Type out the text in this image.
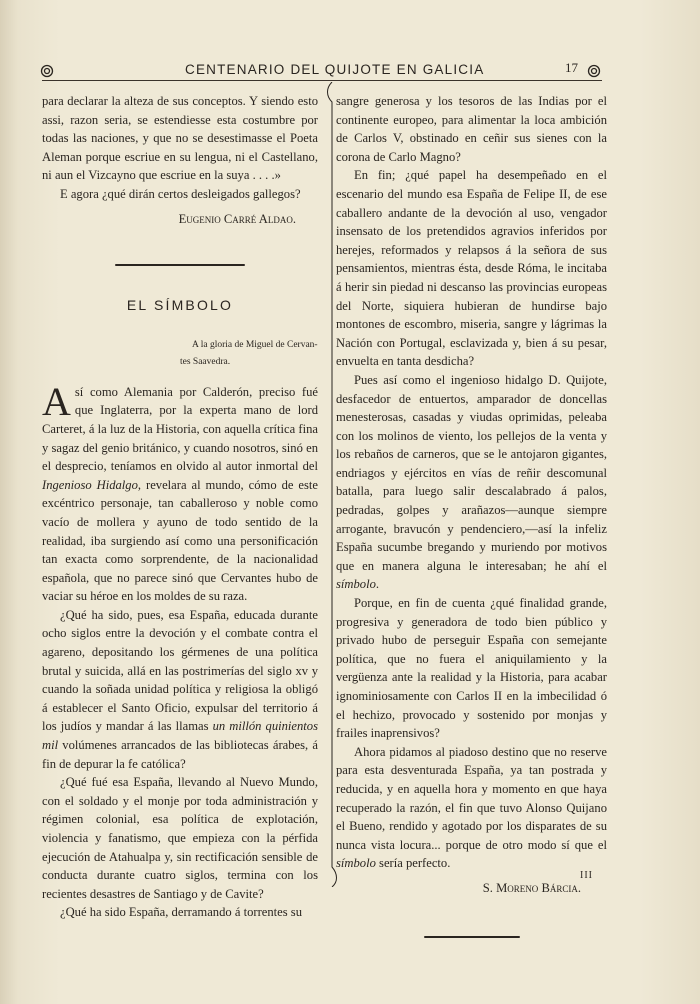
CENTENARIO DEL QUIJOTE EN GALICIA	17

para declarar la alteza de sus conceptos. Y siendo esto assi, razon seria, se estendiesse esta costumbre por todas las naciones, y que no se desestimasse el Poeta Aleman porque escriue en su lengua, ni el Castellano, ni aun el Vizcayno que escriue en la suya . . . .»

E agora ¿qué dirán certos desleigados gallegos?

Eugenio Carré Aldao.

EL SÍMBOLO

A la gloria de Miguel de Cervan-
tes Saavedra.

Así como Alemania por Calderón, preciso fué que Inglaterra, por la experta mano de lord Carteret, á la luz de la Historia, con aquella crítica fina y sagaz del genio británico, y cuando nosotros, sinó en el desprecio, teníamos en olvido al autor inmortal del Ingenioso Hidalgo, revelara al mundo, cómo de este excéntrico personaje, tan caballeroso y noble como vacío de mollera y ayuno de todo sentido de la realidad, iba surgiendo así como una personificación tan exacta como sorprendente, de la nacionalidad española, que no parece sinó que Cervantes hubo de vaciar su héroe en los moldes de su raza.

¿Qué ha sido, pues, esa España, educada durante ocho siglos entre la devoción y el combate contra el agareno, depositando los gérmenes de una política brutal y suicida, allá en las postrimerías del siglo xv y cuando la soñada unidad política y religiosa la obligó á establecer el Santo Oficio, expulsar del territorio á los judíos y mandar á las llamas un millón quinientos mil volúmenes arrancados de las bibliotecas árabes, á fin de depurar la fe católica?

¿Qué fué esa España, llevando al Nuevo Mundo, con el soldado y el monje por toda administración y régimen colonial, esa política de explotación, violencia y fanatismo, que empieza con la pérfida ejecución de Atahualpa y, sin rectificación sensible de conducta durante cuatro siglos, termina con los recientes desastres de Santiago y de Cavite?

¿Qué ha sido España, derramando á torrentes su

sangre generosa y los tesoros de las Indias por el continente europeo, para alimentar la loca ambición de Carlos V, obstinado en ceñir sus sienes con la corona de Carlo Magno?

En fin; ¿qué papel ha desempeñado en el escenario del mundo esa España de Felipe II, de ese caballero andante de la devoción al uso, vengador insensato de los pretendidos agravios inferidos por herejes, reformados y relapsos á la señora de sus pensamientos, mientras ésta, desde Róma, le incitaba á herir sin piedad ni descanso las provincias europeas del Norte, siquiera hubieran de hundirse bajo montones de escombro, miseria, sangre y lágrimas la Nación con Portugal, esclavizada y, bien á su pesar, envuelta en tanta desdicha?

Pues así como el ingenioso hidalgo D. Quijote, desfacedor de entuertos, amparador de doncellas menesterosas, casadas y viudas oprimidas, peleaba con los molinos de viento, los pellejos de la venta y los rebaños de carneros, que se le antojaron gigantes, endriagos y ejércitos en vías de reñir descomunal batalla, para luego salir descalabrado á palos, pedradas, golpes y arañazos—aunque siempre arrogante, bravucón y pendenciero,—así la infeliz España sucumbe bregando y muriendo por motivos que en manera alguna le interesaban; he ahí el símbolo.

Porque, en fin de cuenta ¿qué finalidad grande, progresiva y generadora de todo bien público y privado hubo de perseguir España con semejante política, que no fuera el aniquilamiento y la vergüenza ante la realidad y la Historia, para acabar ignominiosamente con Carlos II en la imbecilidad ó el hechizo, provocado y sostenido por monjas y frailes inaprensivos?

Ahora pidamos al piadoso destino que no reserve para esta desventurada España, ya tan postrada y reducida, y en aquella hora y momento en que haya recuperado la razón, el fin que tuvo Alonso Quijano el Bueno, rendido y agotado por los disparates de su nunca vista locura... porque de otro modo sí que el símbolo sería perfecto.

S. Moreno Bárcia.

III
